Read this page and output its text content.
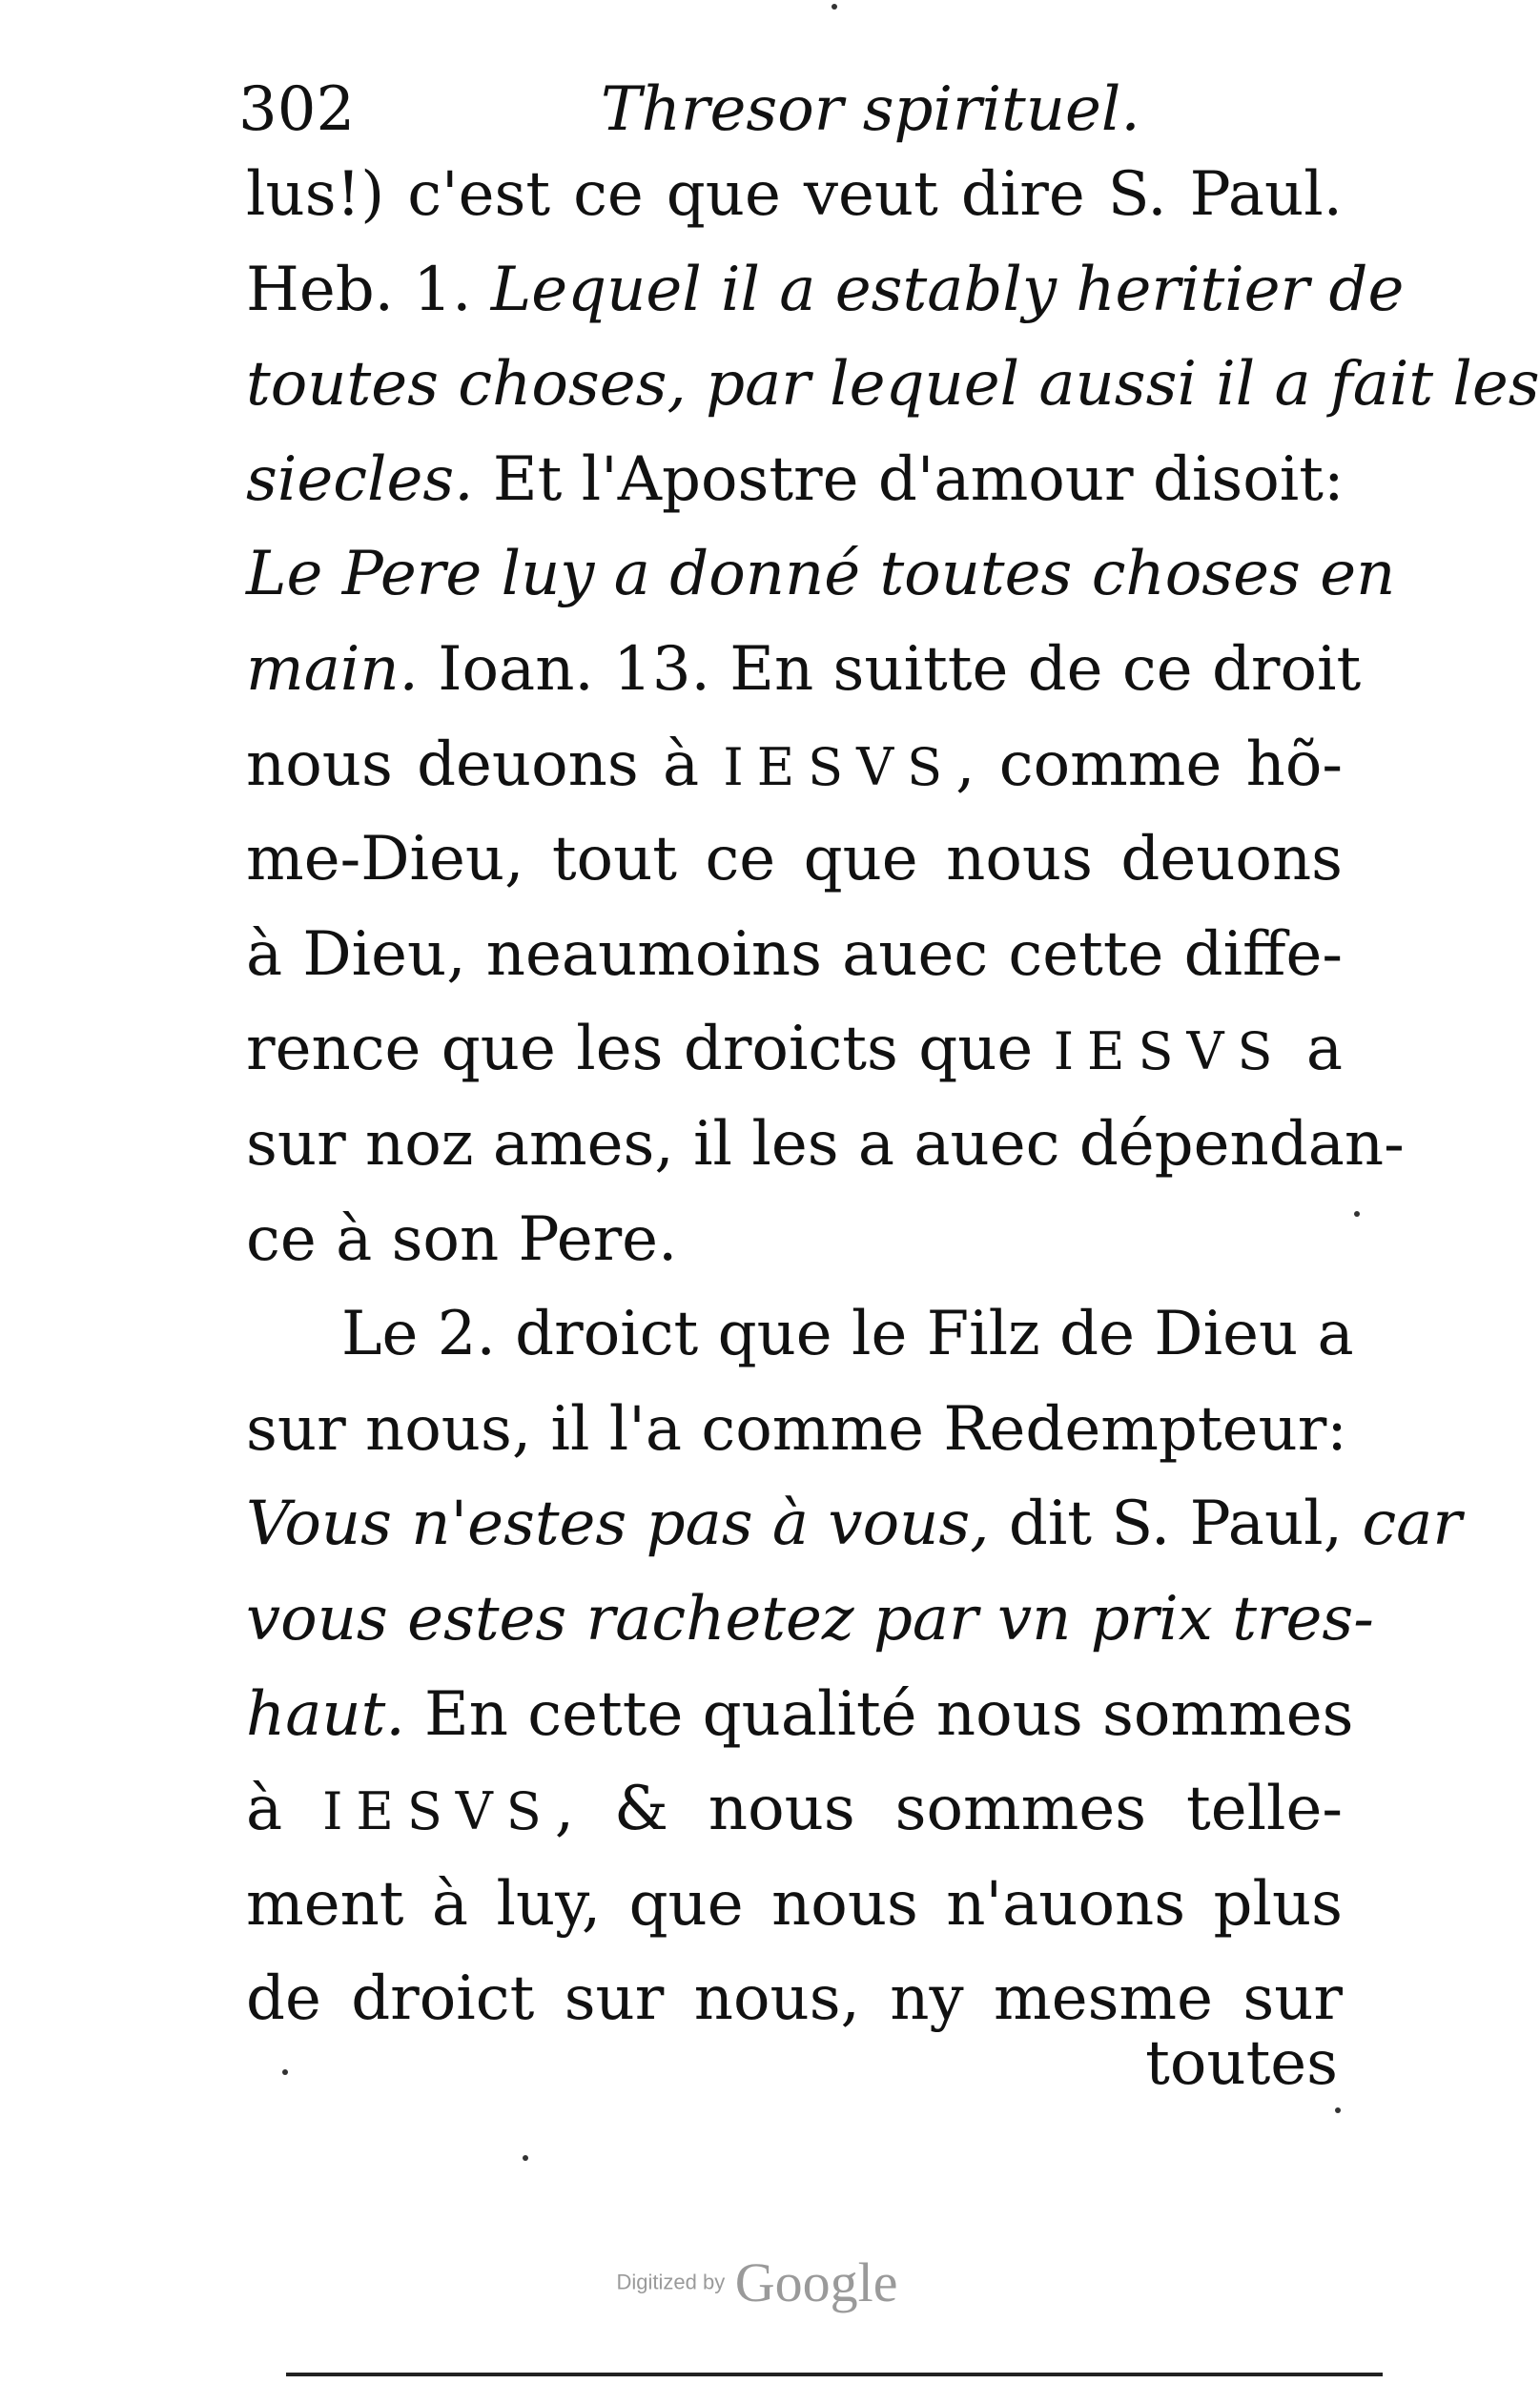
302	Thresor spirituel.
lus!) c'est ce que veut dire S. Paul.
Heb. 1. Lequel il a estably heritier de
toutes choses, par lequel aussi il a fait les
siecles. Et l'Apostre d'amour disoit:
Le Pere luy a donné toutes choses en
main. Ioan. 13. En suitte de ce droit
nous deuons à IESVS, comme hõ-
me-Dieu, tout ce que nous deuons
à Dieu, neaumoins auec cette diffe-
rence que les droicts que IESVS a
sur noz ames, il les a auec dépendan-
ce à son Pere.
Le 2. droict que le Filz de Dieu a
sur nous, il l'a comme Redempteur:
Vous n'estes pas à vous, dit S. Paul, car
vous estes rachetez par vn prix tres-
haut. En cette qualité nous sommes
à IESVS, & nous sommes telle-
ment à luy, que nous n'auons plus
de droict sur nous, ny mesme sur
toutes
Digitized by Google
